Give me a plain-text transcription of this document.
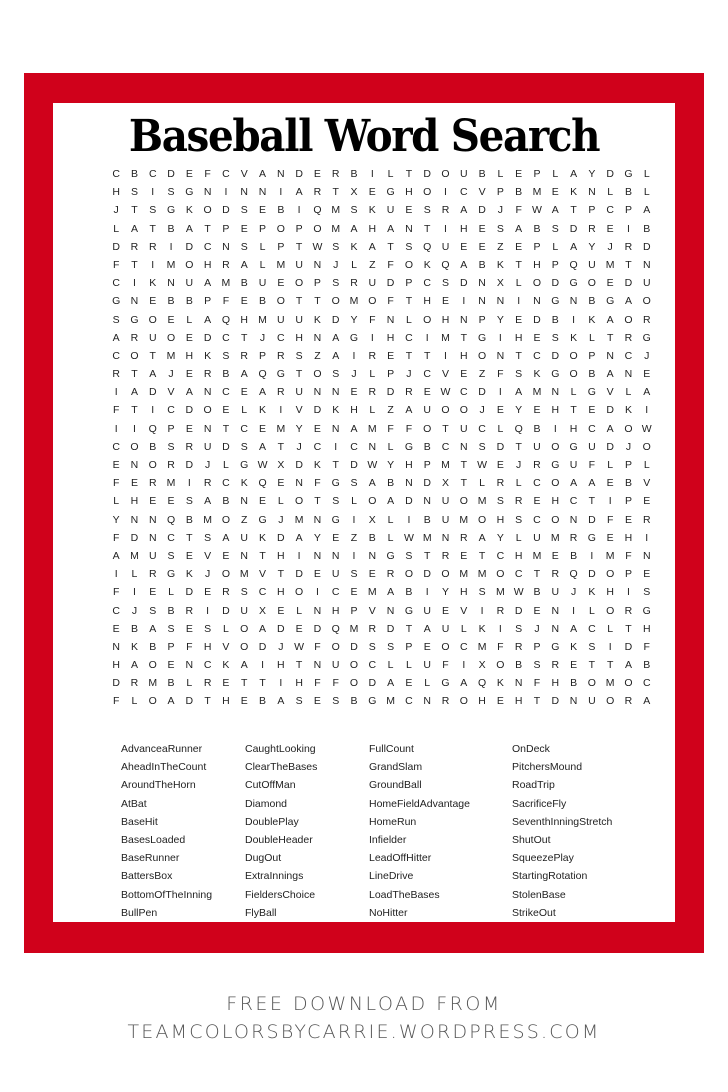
Baseball Word Search
C	B	C	D	E	F	C	V	A	N	D	E	R	B	I	L	T	D O U	B	L	E	P	L	A	Y	D G	L
H	S	I	S	G N	I	N	N	I	A	R	T	X	E	G H O	I	C	V	P	B M E	K	N	L	B	L
J	T	S	G	K	O D	S	E	B	I	Q M S	K	U	E	S	R	A	D	J	F W A	T	P	C	P	A
L	A	T	B	A	T	P	E	P	O	P	O M A	H	A	N	T	I	H	E	S	A	B	S	D	R	E	I	B
D	R	R	I	D	C	N	S	L	P	T W S	K	A	T	S	Q U	E	E	Z	E	P	L	A	Y	J	R	D
F	T	I	M O H	R	A	L	M U	N	J	L	Z	F	O	K	Q	A	B	K	T	H	P	Q U M	T	N
C	I	K	N	U	A M B	U	E	O	P	S	R	U	D	P	C	S	D	N	X	L	O D G O	E	D	U
G N	E	B	B	P	F	E	B	O	T	T	O M O	F	T	H	E	I	N	N	I	N G N	B	G	A	O
S	G O	E	L	A	Q H M U	U	K	D	Y	F	N	L	O H	N	P	Y	E	D	B	I	K	A	O R
A	R	U O	E	D	C	T	J	C	H	N	A	G	I	H	C	I	M	T	G	I	H	E	S	K	L	T	R G
C O	T	M H	K	S	R	P	R	S	Z	A	I	R	E	T	T	I	H O N	T	C	D O	P	N	C	J
R	T	A	J	E	R	B	A	Q G	T	O	S	J	L	P	J	C	V	E	Z	F	S	K	G O	B	A	N	E
I	A	D	V	A	N	C	E	A	R	U	N	N	E	R	D	R	E W C	D	I	A M N	L	G	V	L	A
F	T	I	C	D O	E	L	K	I	V	D	K	H	L	Z	A	U O O	J	E	Y	E	H	T	E	D	K	I
I	I	Q	P	E	N	T	C	E M Y	E	N	A M	F	F	O	T	U	C	L	Q	B	I	H	C	A	O W
C O	B	S	R	U	D	S	A	T	J	C	I	C	N	L	G	B	C	N	S	D	T	U O G U	D	J	O
E	N O R	D	J	L	G W X	D	K	T	D W Y	H	P M	T W E	J	R G U	F	L	P	L
F	E	R M	I	R	C	K	Q	E	N	F	G	S	A	B	N	D	X	T	L	R	L	C O	A	A	E	B	V
L	H	E	E	S	A	B	N	E	L	O	T	S	L	O	A	D	N	U O M S	R	E	H	C	T	I	P	E
Y	N	N Q	B M O	Z	G	J	M N G	I	X	L	I	B	U M O H	S	C O N	D	F	E	R
F	D	N	C	T	S	A	U	K	D	A	Y	E	Z	B	L W M N	R	A	Y	L	U M R G	E	H	I
A M U	S	E	V	E	N	T	H	I	N	N	I	N G	S	T	R	E	T	C	H M E	B	I	M	F	N
I	L	R G	K	J	O M V	T	D	E	U	S	E	R O D O M M O C	T	R Q D O	P	E
F	I	E	L	D	E	R	S	C	H O	I	C	E M A	B	I	Y	H	S M W B	U	J	K	H	I	S
C	J	S	B	R	I	D	U	X	E	L	N	H	P	V	N G U	E	V	I	R	D	E	N	I	L	O R G
E	B	A	S	E	S	L	O	A	D	E	D Q M R	D	T	A	U	L	K	I	S	J	N	A	C	L	T	H
N	K	B	P	F	H	V	O D	J	W F	O D	S	S	P	E	O C M	F	R	P	G	K	S	I	D	F
H	A	O	E	N	C	K	A	I	H	T	N	U O C	L	L	U	F	I	X	O	B	S	R	E	T	T	A	B
D	R M B	L	R	E	T	T	I	H	F	F	O D	A	E	L	G	A	Q	K	N	F	H	B	O M O C
F	L	O	A	D	T	H	E	B	A	S	E	S	B	G M C	N	R O H	E	H	T	D	N	U O R	A
AdvanceaRunner
AheadInTheCount
AroundTheHorn
AtBat
BaseHit
BasesLoaded
BaseRunner
BattersBox
BottomOfTheInning
BullPen
CaughtLooking
ClearTheBases
CutOffMan
Diamond
DoublePlay
DoubleHeader
DugOut
ExtraInnings
FieldersChoice
FlyBall
FullCount
GrandSlam
GroundBall
HomeFieldAdvantage
HomeRun
Infielder
LeadOffHitter
LineDrive
LoadTheBases
NoHitter
OnDeck
PitchersMound
RoadTrip
SacrificeFly
SeventhInningStretch
ShutOut
SqueezePlay
StartingRotation
StolenBase
StrikeOut
FREE DOWNLOAD FROM
TEAMCOLORSBYCARRIE.WORDPRESS.COM
